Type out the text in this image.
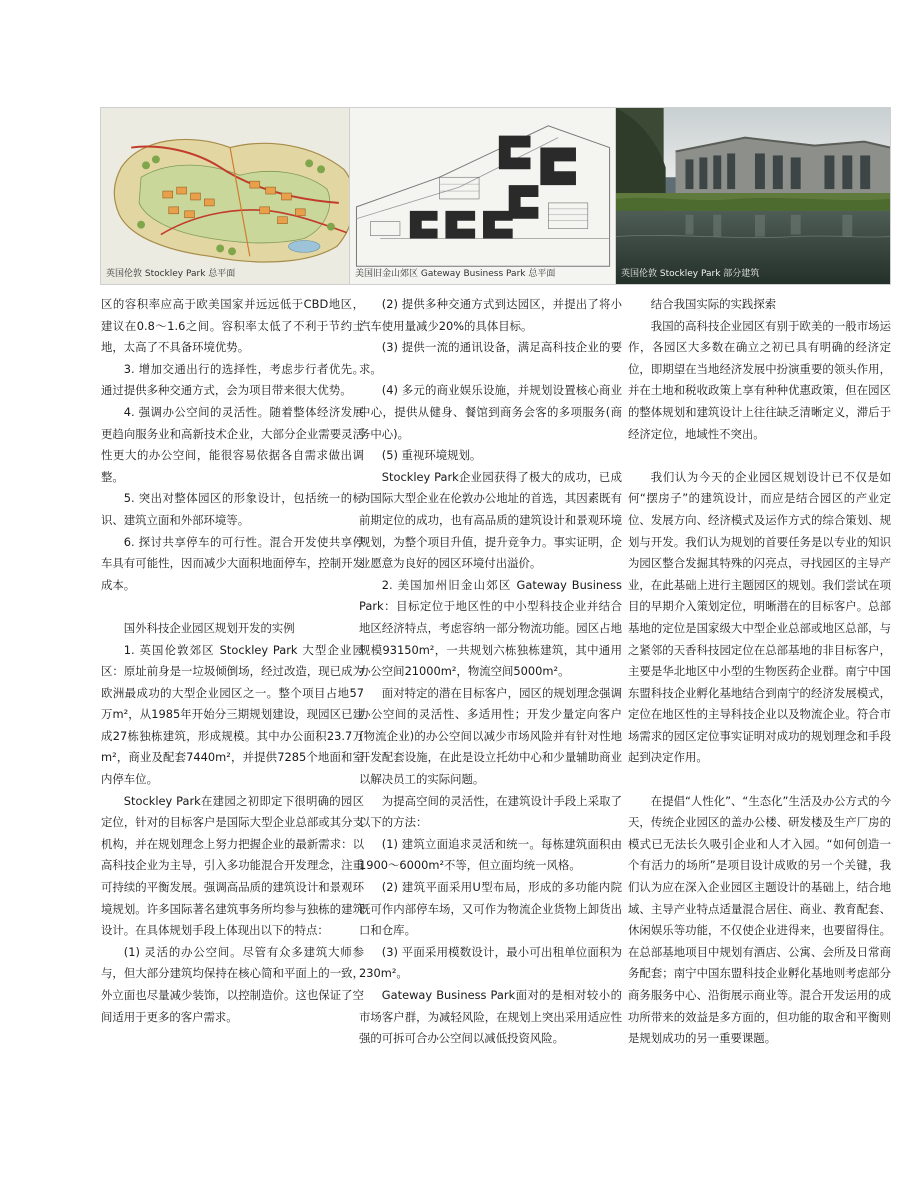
英国伦敦 Stockley Park 总平面	美国旧金山郊区 Gateway Business Park 总平面	英国伦敦 Stockley Park 部分建筑

区的容积率应高于欧美国家并远远低于CBD地区，建议在0.8～1.6之间。容积率太低了不利于节约土地，太高了不具备环境优势。

3. 增加交通出行的选择性，考虑步行者优先。通过提供多种交通方式，会为项目带来很大优势。

4. 强调办公空间的灵活性。随着整体经济发展更趋向服务业和高新技术企业，大部分企业需要灵活性更大的办公空间，能很容易依据各自需求做出调整。

5. 突出对整体园区的形象设计，包括统一的标识、建筑立面和外部环境等。

6. 探讨共享停车的可行性。混合开发使共享停车具有可能性，因而减少大面积地面停车，控制开发成本。

国外科技企业园区规划开发的实例

1. 英国伦敦郊区 Stockley Park 大型企业园区：原址前身是一垃圾倾倒场，经过改造，现已成为欧洲最成功的大型企业园区之一。整个项目占地57万m²，从1985年开始分三期规划建设，现园区已建成27栋独栋建筑，形成规模。其中办公面积23.7万m²，商业及配套7440m²，并提供7285个地面和室内停车位。

Stockley Park在建园之初即定下很明确的园区定位，针对的目标客户是国际大型企业总部或其分支机构，并在规划理念上努力把握企业的最新需求：以高科技企业为主导，引入多功能混合开发理念，注重可持续的平衡发展。强调高品质的建筑设计和景观环境规划。许多国际著名建筑事务所均参与独栋的建筑设计。在具体规划手段上体现出以下的特点：

(1) 灵活的办公空间。尽管有众多建筑大师参与，但大部分建筑均保持在核心简和平面上的一致，外立面也尽量减少装饰，以控制造价。这也保证了空间适用于更多的客户需求。

(2) 提供多种交通方式到达园区，并提出了将小汽车使用量减少20%的具体目标。

(3) 提供一流的通讯设备，满足高科技企业的要求。

(4) 多元的商业娱乐设施，并规划设置核心商业中心，提供从健身、餐馆到商务会客的多项服务(商务中心)。

(5) 重视环境规划。

Stockley Park企业园获得了极大的成功，已成为国际大型企业在伦敦办公地址的首选，其因素既有前期定位的成功，也有高品质的建筑设计和景观环境规划，为整个项目升值，提升竞争力。事实证明，企业愿意为良好的园区环境付出溢价。

2. 美国加州旧金山郊区 Gateway Business Park：目标定位于地区性的中小型科技企业并结合地区经济特点，考虑容纳一部分物流功能。园区占地规模93150m²，一共规划六栋独栋建筑，其中通用办公空间21000m²，物流空间5000m²。

面对特定的潜在目标客户，园区的规划理念强调办公空间的灵活性、多适用性；开发少量定向客户(物流企业)的办公空间以减少市场风险并有针对性地开发配套设施，在此是设立托幼中心和少量辅助商业以解决员工的实际问题。

为提高空间的灵活性，在建筑设计手段上采取了以下的方法：

(1) 建筑立面追求灵活和统一。每栋建筑面积由1900～6000m²不等，但立面均统一风格。

(2) 建筑平面采用U型布局，形成的多功能内院既可作内部停车场，又可作为物流企业货物上卸货出口和仓库。

(3) 平面采用模数设计，最小可出租单位面积为230m²。

Gateway Business Park面对的是相对较小的市场客户群，为减轻风险，在规划上突出采用适应性强的可拆可合办公空间以减低投资风险。

结合我国实际的实践探索

我国的高科技企业园区有别于欧美的一般市场运作，各园区大多数在确立之初已具有明确的经济定位，即期望在当地经济发展中扮演重要的领头作用，并在土地和税收政策上享有种种优惠政策，但在园区的整体规划和建筑设计上往往缺乏清晰定义，滞后于经济定位，地域性不突出。

我们认为今天的企业园区规划设计已不仅是如何“摆房子”的建筑设计，而应是结合园区的产业定位、发展方向、经济模式及运作方式的综合策划、规划与开发。我们认为规划的首要任务是以专业的知识为园区整合发掘其特殊的闪亮点，寻找园区的主导产业，在此基础上进行主题园区的规划。我们尝试在项目的早期介入策划定位，明晰潜在的目标客户。总部基地的定位是国家级大中型企业总部或地区总部，与之紧邻的天香科技园定位在总部基地的非目标客户，主要是华北地区中小型的生物医药企业群。南宁中国东盟科技企业孵化基地结合到南宁的经济发展模式，定位在地区性的主导科技企业以及物流企业。符合市场需求的园区定位事实证明对成功的规划理念和手段起到决定作用。

在提倡“人性化”、“生态化”生活及办公方式的今天，传统企业园区的盖办公楼、研发楼及生产厂房的模式已无法长久吸引企业和人才入园。“如何创造一个有活力的场所”是项目设计成败的另一个关键，我们认为应在深入企业园区主题设计的基础上，结合地域、主导产业特点适量混合居住、商业、教育配套、休闲娱乐等功能，不仅使企业进得来，也要留得住。在总部基地项目中规划有酒店、公寓、会所及日常商务配套；南宁中国东盟科技企业孵化基地则考虑部分商务服务中心、沿街展示商业等。混合开发运用的成功所带来的效益是多方面的，但功能的取舍和平衡则是规划成功的另一重要课题。
